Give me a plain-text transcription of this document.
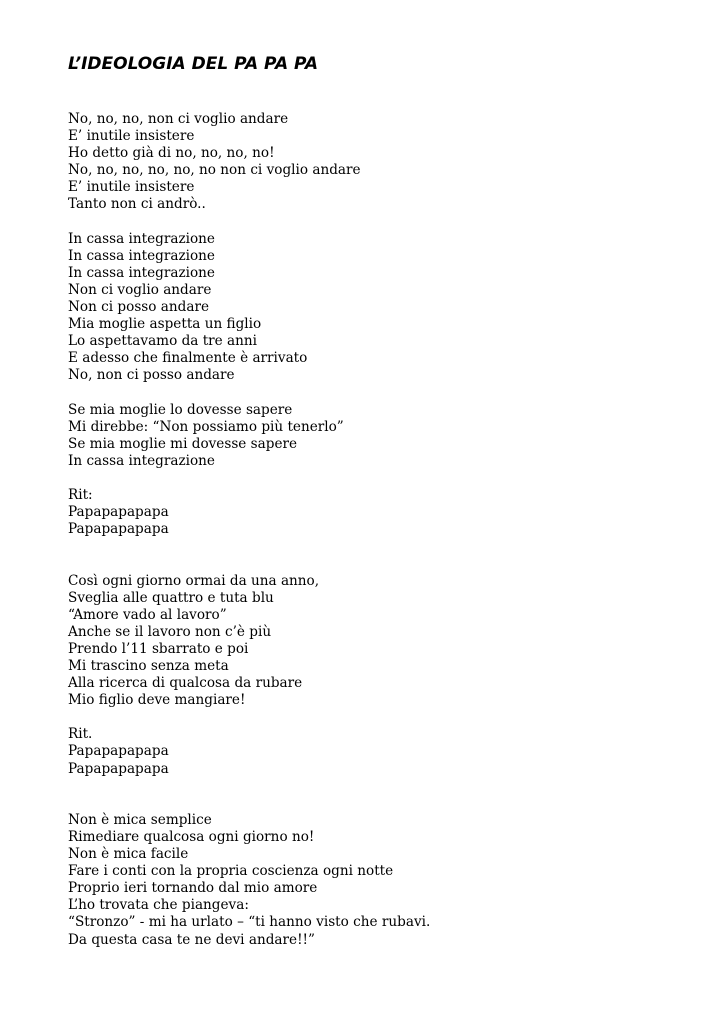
L’IDEOLOGIA DEL PA PA PA
No, no, no, non ci voglio andare
E’ inutile insistere
Ho detto già di no, no, no, no!
No, no, no, no, no, no non ci voglio andare
E’ inutile insistere
Tanto non ci andrò..
In cassa integrazione
In cassa integrazione
In cassa integrazione
Non ci voglio andare
Non ci posso andare
Mia moglie aspetta un figlio
Lo aspettavamo da tre anni
E adesso che finalmente è arrivato
No, non ci posso andare
Se mia moglie lo dovesse sapere
Mi direbbe: “Non possiamo più tenerlo”
Se mia moglie mi dovesse sapere
In cassa integrazione
Rit:
Papapapapapa
Papapapapapa
Così ogni giorno ormai da una anno,
Sveglia alle quattro e tuta blu
“Amore vado al lavoro”
Anche se il lavoro non c’è più
Prendo l’11 sbarrato e poi
Mi trascino senza meta
Alla ricerca di qualcosa da rubare
Mio figlio deve mangiare!
Rit.
Papapapapapa
Papapapapapa
Non è mica semplice
Rimediare qualcosa ogni giorno no!
Non è mica facile
Fare i conti con la propria coscienza ogni notte
Proprio ieri tornando dal mio amore
L’ho trovata che piangeva:
“Stronzo” - mi ha urlato – “ti hanno visto che rubavi.
Da questa casa te ne devi andare!!”
